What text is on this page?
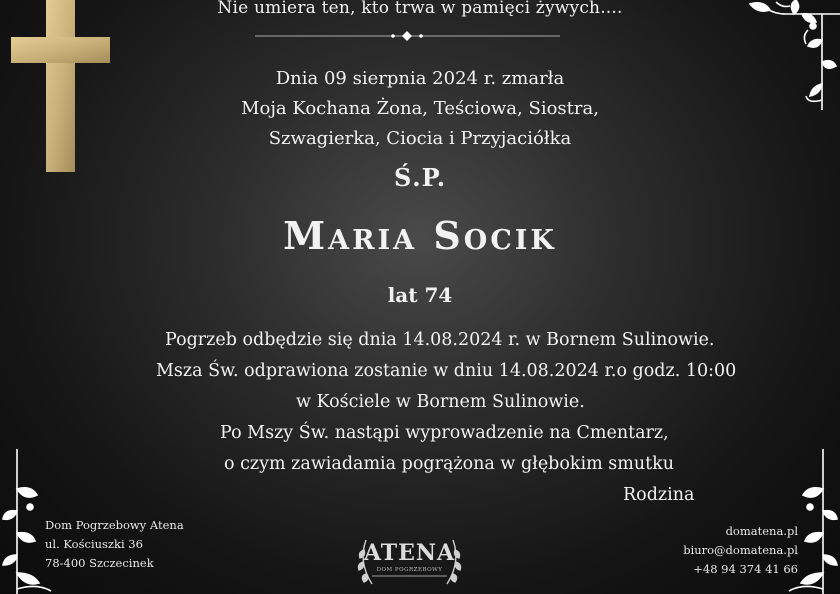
Nie umiera ten, kto trwa w pamięci żywych....
Dnia 09 sierpnia 2024 r. zmarła
Moja Kochana Żona, Teściowa, Siostra,
Szwagierka, Ciocia i Przyjaciółka
Ś.P.
Maria Socik
lat 74
Pogrzeb odbędzie się dnia 14.08.2024 r. w Bornem Sulinowie.
Msza Św. odprawiona zostanie w dniu 14.08.2024 r.o godz. 10:00
w Kościele w Bornem Sulinowie.
Po Mszy Św. nastąpi wyprowadzenie na Cmentarz,
o czym zawiadamia pogrążona w głębokim smutku
Rodzina
Dom Pogrzebowy Atena
ul. Kościuszki 36
78-400 Szczecinek	ATENA
DOM POGRZEBOWY
domatena.pl
biuro@domatena.pl
+48 94 374 41 66
